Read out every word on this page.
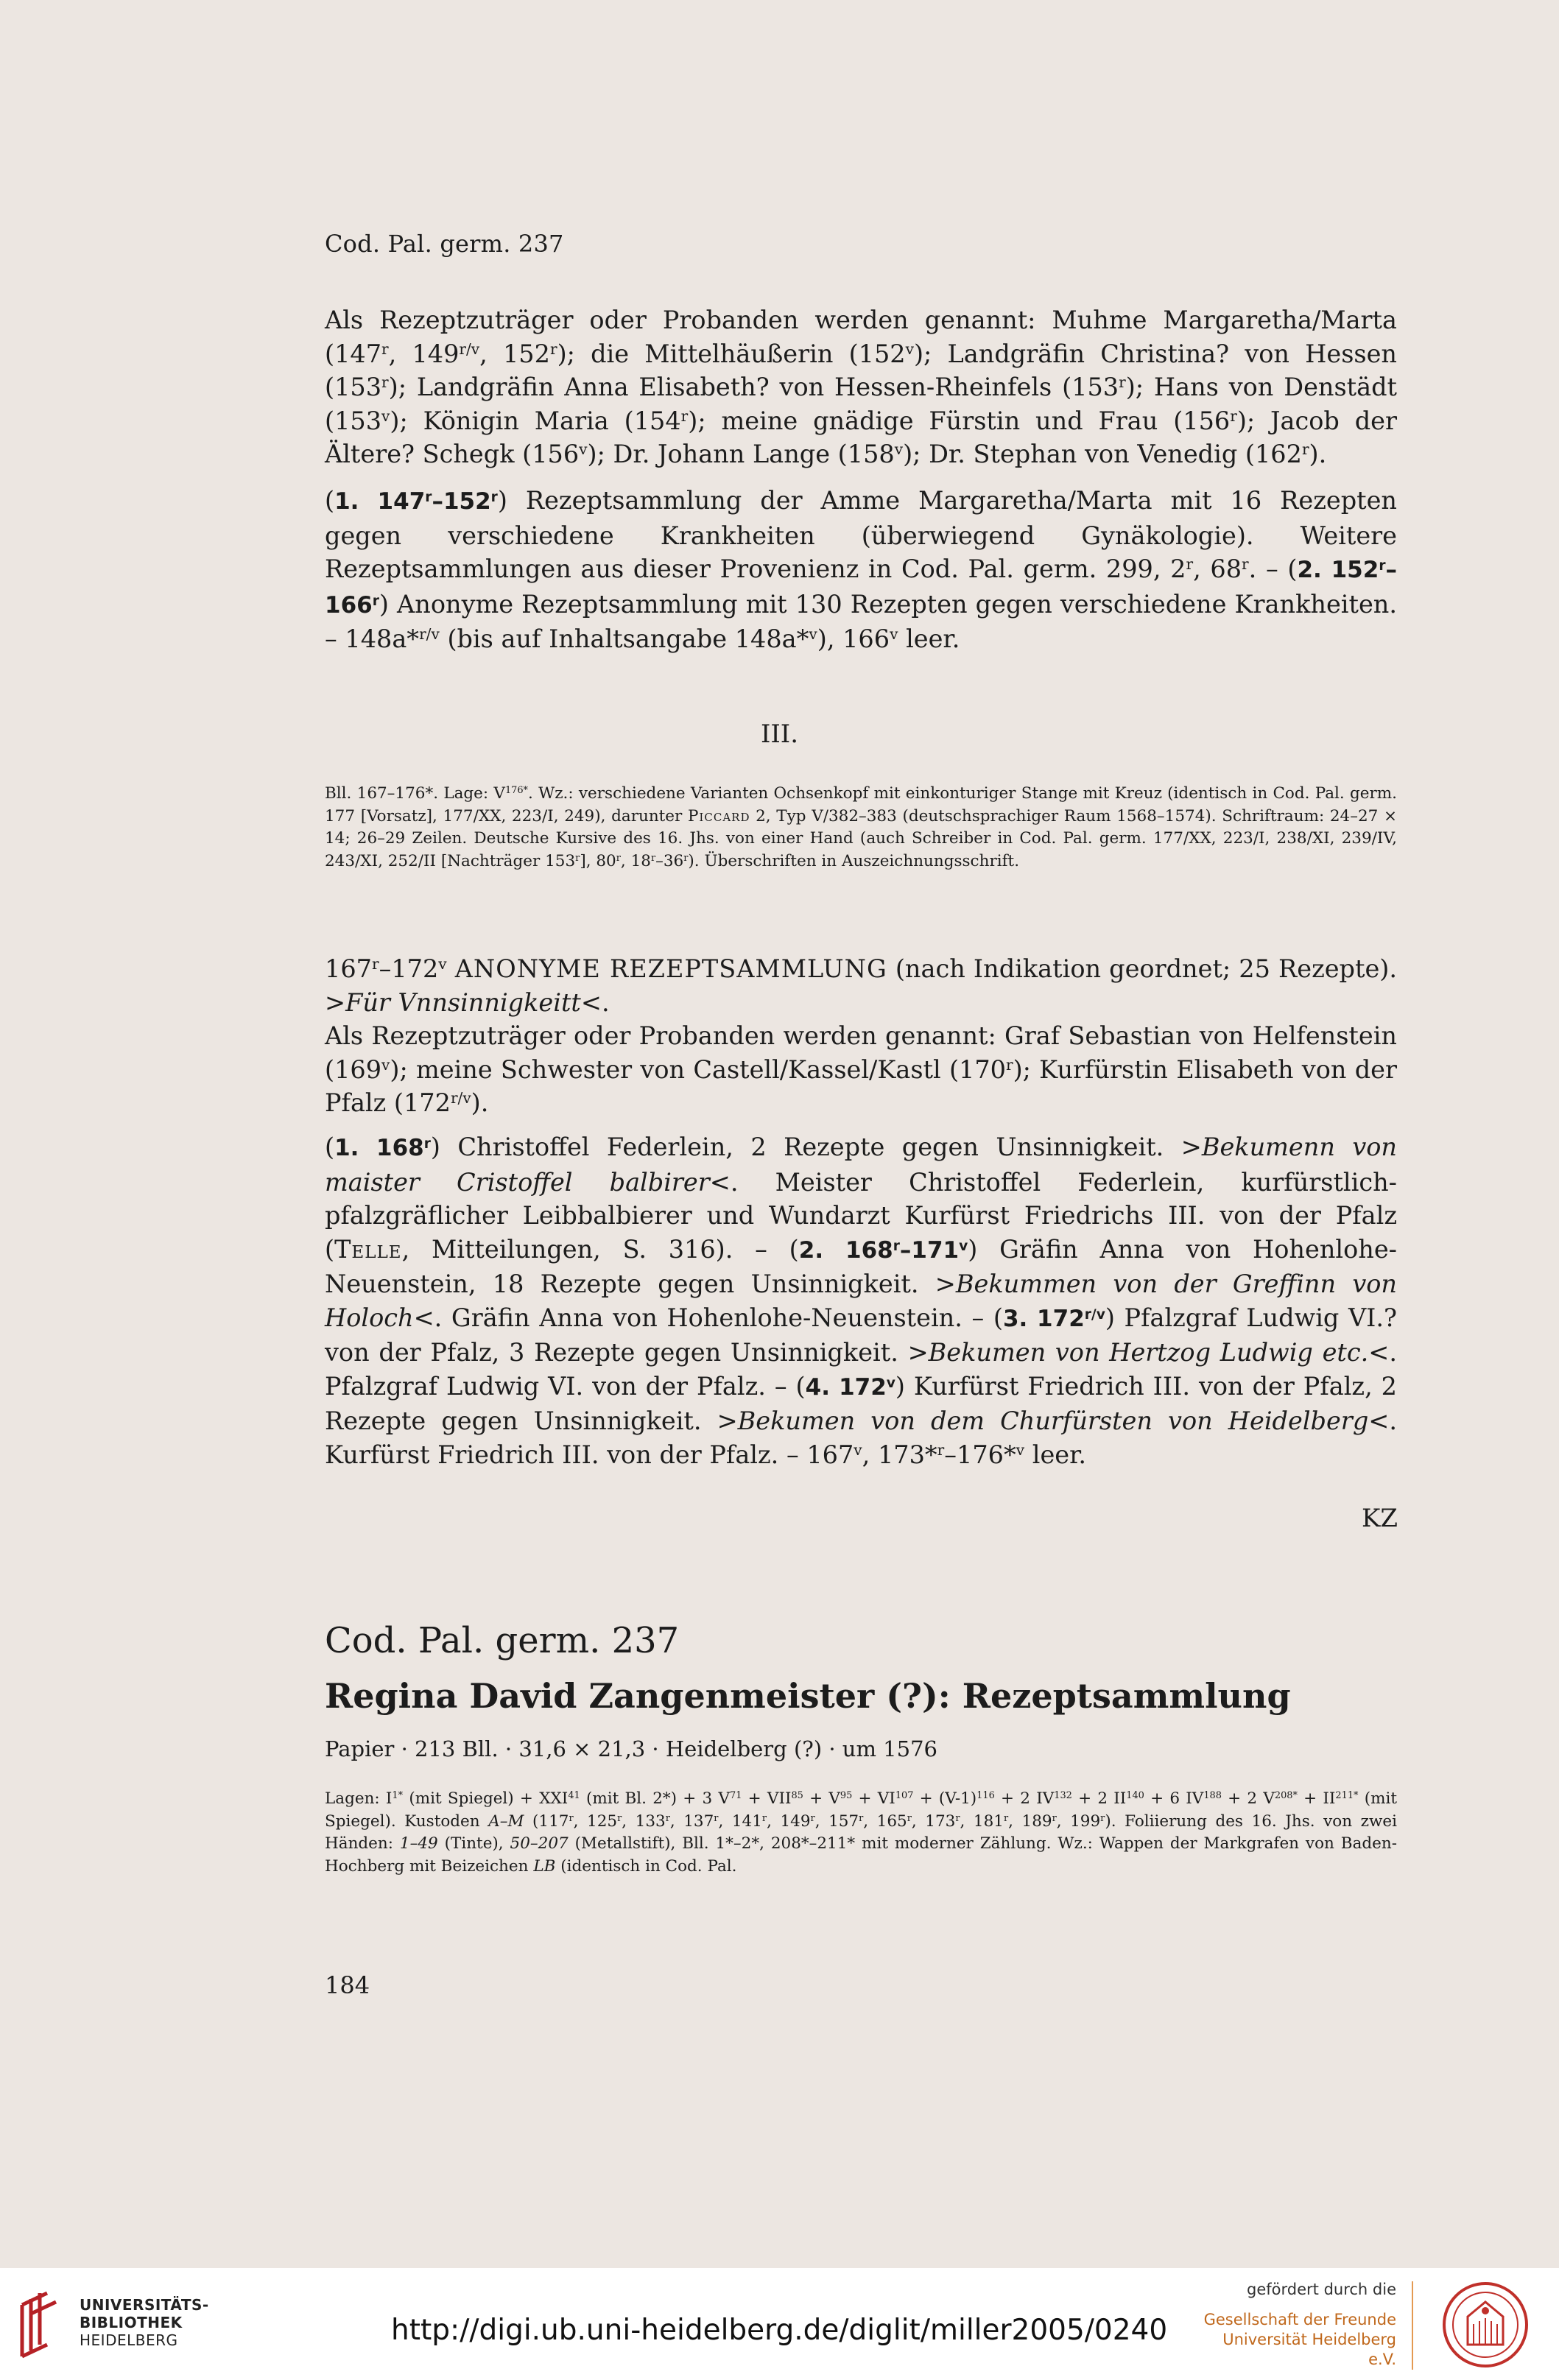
Cod. Pal. germ. 237

Als Rezeptzuträger oder Probanden werden genannt: Muhme Margaretha/Marta (147$^r$, $149^{r/v}$, 152$^r$); die Mittelhäußerin (152$^v$); Landgräfin Christina? von Hessen (153$^r$); Landgräfin Anna Elisabeth? von Hessen-Rheinfels (153$^r$); Hans von Denstädt (153$^v$); Königin Maria (154$^r$); meine gnädige Fürstin und Frau (156$^r$); Jacob der Ältere? Schegk (156$^v$); Dr. Johann Lange (158$^v$); Dr. Stephan von Venedig (162$^r$).

(1. 147$^r$–152$^r$) Rezeptsammlung der Amme Margaretha/Marta mit 16 Rezepten gegen verschiedene Krankheiten (überwiegend Gynäkologie). Weitere Rezeptsammlungen aus dieser Provenienz in Cod. Pal. germ. 299, 2$^r$, 68$^r$. – (2. 152$^r$–166$^r$) Anonyme Rezeptsammlung mit 130 Rezepten gegen verschiedene Krankheiten. – 148a*$^{r/v}$ (bis auf Inhaltsangabe 148a*$^v$), 166$^v$ leer.

III.

Bll. 167–176*. Lage: $V^{176*}$. Wz.: verschiedene Varianten Ochsenkopf mit einkonturiger Stange mit Kreuz (identisch in Cod. Pal. germ. 177 [Vorsatz], 177/XX, 223/I, 249), darunter Piccard 2, Typ V/382–383 (deutschsprachiger Raum 1568–1574). Schriftraum: 24–27 × 14; 26–29 Zeilen. Deutsche Kursive des 16. Jhs. von einer Hand (auch Schreiber in Cod. Pal. germ. 177/XX, 223/I, 238/XI, 239/IV, 243/XI, 252/II [Nachträger 153$^r$], 80$^r$, 18$^r$–36$^r$). Überschriften in Auszeichnungsschrift.

167$^r$–172$^v$ ANONYME REZEPTSAMMLUNG (nach Indikation geordnet; 25 Rezepte). >Für Vnnsinnigkeitt<.

Als Rezeptzuträger oder Probanden werden genannt: Graf Sebastian von Helfenstein (169$^v$); meine Schwester von Castell/Kassel/Kastl (170$^r$); Kurfürstin Elisabeth von der Pfalz $(172^{r/v})$.

(1. 168$^r$) Christoffel Federlein, 2 Rezepte gegen Unsinnigkeit. >Bekumenn von maister Cristoffel balbirer<. Meister Christoffel Federlein, kurfürstlich-pfalzgräflicher Leibbalbierer und Wundarzt Kurfürst Friedrichs III. von der Pfalz (Telle, Mitteilungen, S. 316). – (2. 168$^r$–171$^v$) Gräfin Anna von Hohenlohe-Neuenstein, 18 Rezepte gegen Unsinnigkeit. >Bekummen von der Greffinn von Holoch<. Gräfin Anna von Hohenlohe-Neuenstein. – (3. $172^{r/v}$) Pfalzgraf Ludwig VI.? von der Pfalz, 3 Rezepte gegen Unsinnigkeit. >Bekumen von Hertzog Ludwig etc.<. Pfalzgraf Ludwig VI. von der Pfalz. – (4. 172$^v$) Kurfürst Friedrich III. von der Pfalz, 2 Rezepte gegen Unsinnigkeit. >Bekumen von dem Churfürsten von Heidelberg<. Kurfürst Friedrich III. von der Pfalz. – 167$^v$, 173*$^r$–176*$^v$ leer.

KZ
Cod. Pal. germ. 237
Regina David Zangenmeister (?): Rezeptsammlung
Papier · 213 Bll. · 31,6 × 21,3 · Heidelberg (?) · um 1576

Lagen: $I^{1*}$ (mit Spiegel) + $XXI^{41}$ (mit Bl. 2*) + 3 $V^{71} + VII^{85} + V^{95} + VI^{107} + (V-1)^{116} + 2$ $IV^{132} + 2$ $II^{140} + 6$ $IV^{188} + 2$ $V^{208*} + II^{211*}$ (mit Spiegel). Kustoden A–M (117$^r$, 125$^r$, 133$^r$, 137$^r$, 141$^r$, 149$^r$, 157$^r$, 165$^r$, 173$^r$, 181$^r$, 189$^r$, 199$^r$). Foliierung des 16. Jhs. von zwei Händen: 1–49 (Tinte), 50–207 (Metallstift), Bll. 1*–2*, 208*–211* mit moderner Zählung. Wz.: Wappen der Markgrafen von Baden-Hochberg mit Beizeichen LB (identisch in Cod. Pal.

184
UNIVERSITÄTS-
BIBLIOTHEK
HEIDELBERG	http://digi.ub.uni-heidelberg.de/diglit/miller2005/0240
gefördert durch die
Gesellschaft der Freunde
Universität Heidelberg e.V.
